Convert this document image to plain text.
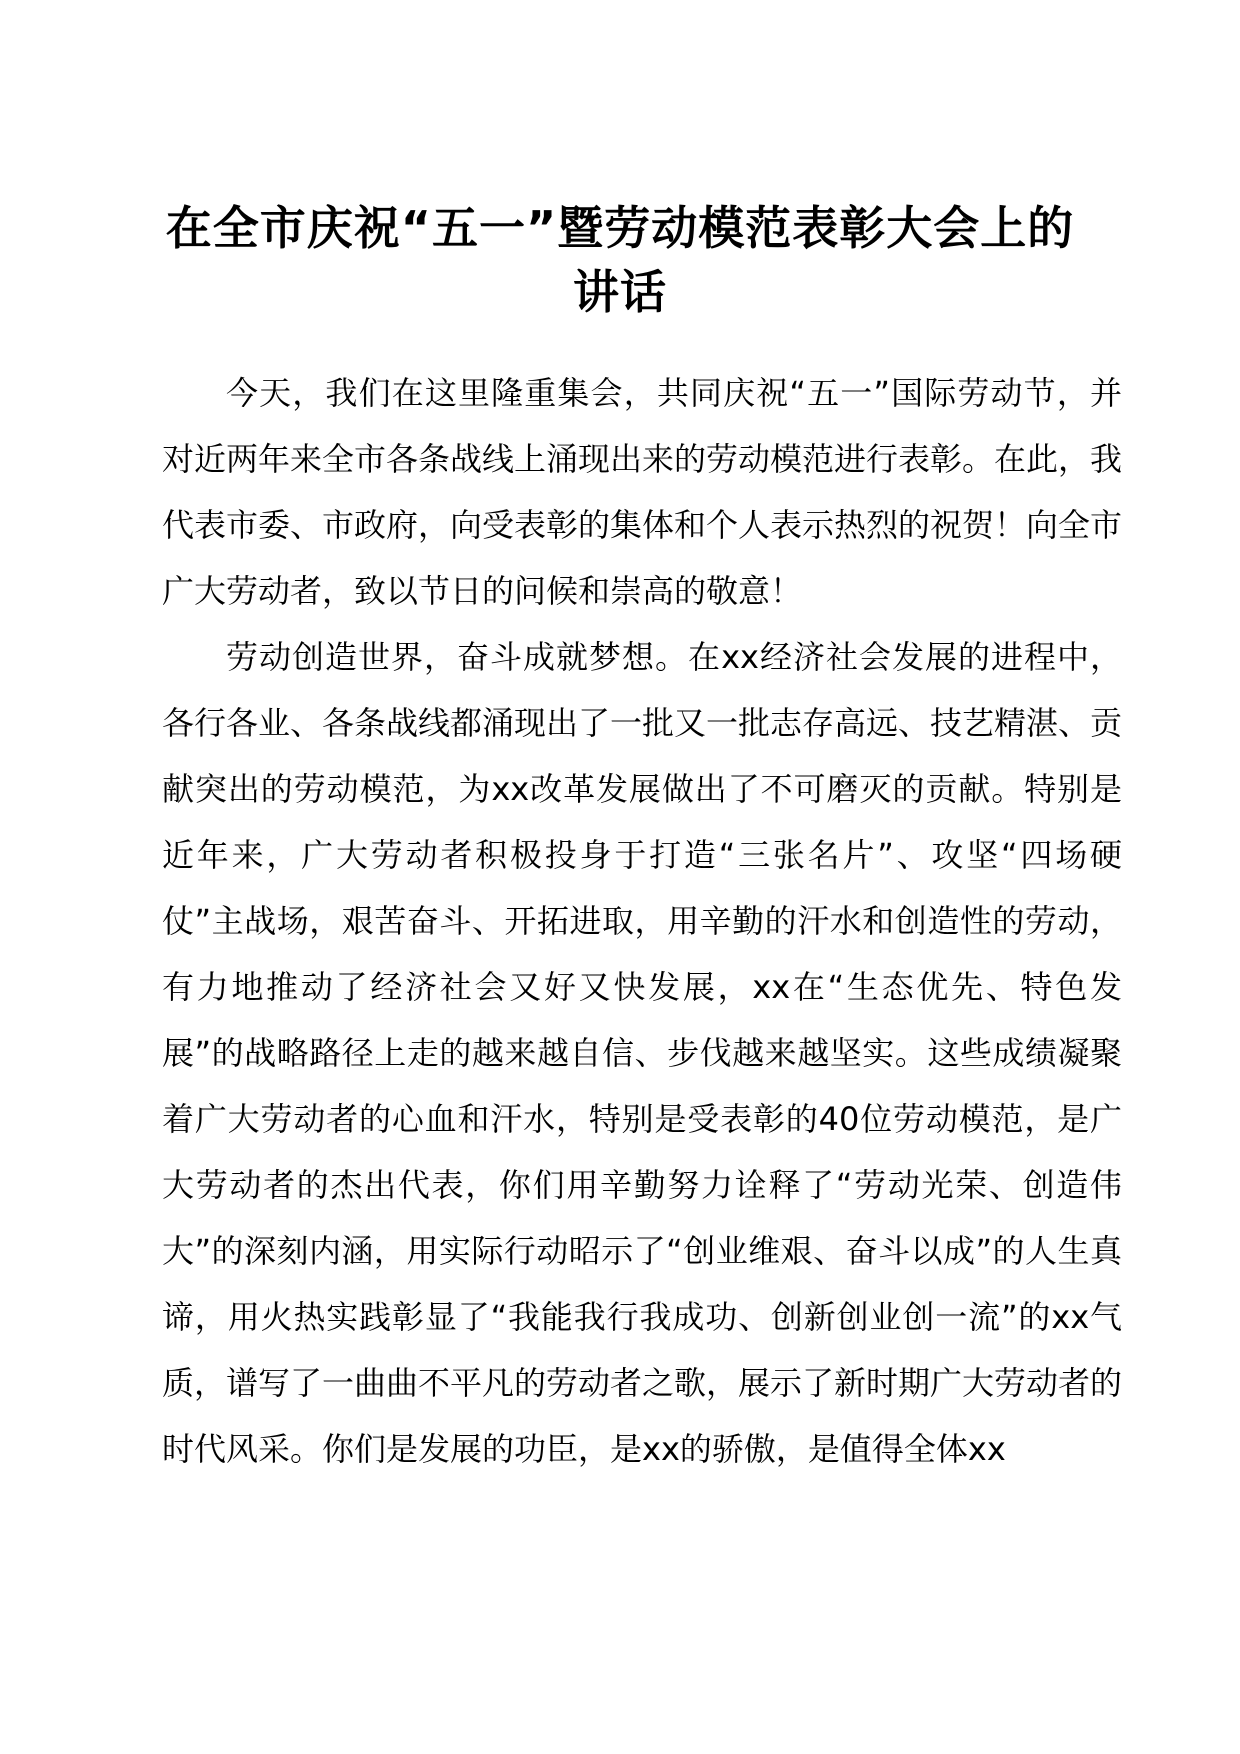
在全市庆祝“五一”暨劳动模范表彰大会上的
讲话

今天，我们在这里隆重集会，共同庆祝“五一”国际劳动节，并对近两年来全市各条战线上涌现出来的劳动模范进行表彰。在此，我代表市委、市政府，向受表彰的集体和个人表示热烈的祝贺！向全市广大劳动者，致以节日的问候和崇高的敬意！

劳动创造世界，奋斗成就梦想。在xx经济社会发展的进程中，各行各业、各条战线都涌现出了一批又一批志存高远、技艺精湛、贡献突出的劳动模范，为xx改革发展做出了不可磨灭的贡献。特别是近年来，广大劳动者积极投身于打造“三张名片”、攻坚“四场硬仗”主战场，艰苦奋斗、开拓进取，用辛勤的汗水和创造性的劳动，有力地推动了经济社会又好又快发展，xx在“生态优先、特色发展”的战略路径上走的越来越自信、步伐越来越坚实。这些成绩凝聚着广大劳动者的心血和汗水，特别是受表彰的40位劳动模范，是广大劳动者的杰出代表，你们用辛勤努力诠释了“劳动光荣、创造伟大”的深刻内涵，用实际行动昭示了“创业维艰、奋斗以成”的人生真谛，用火热实践彰显了“我能我行我成功、创新创业创一流”的xx气质，谱写了一曲曲不平凡的劳动者之歌，展示了新时期广大劳动者的时代风采。你们是发展的功臣，是xx的骄傲，是值得全体xx
